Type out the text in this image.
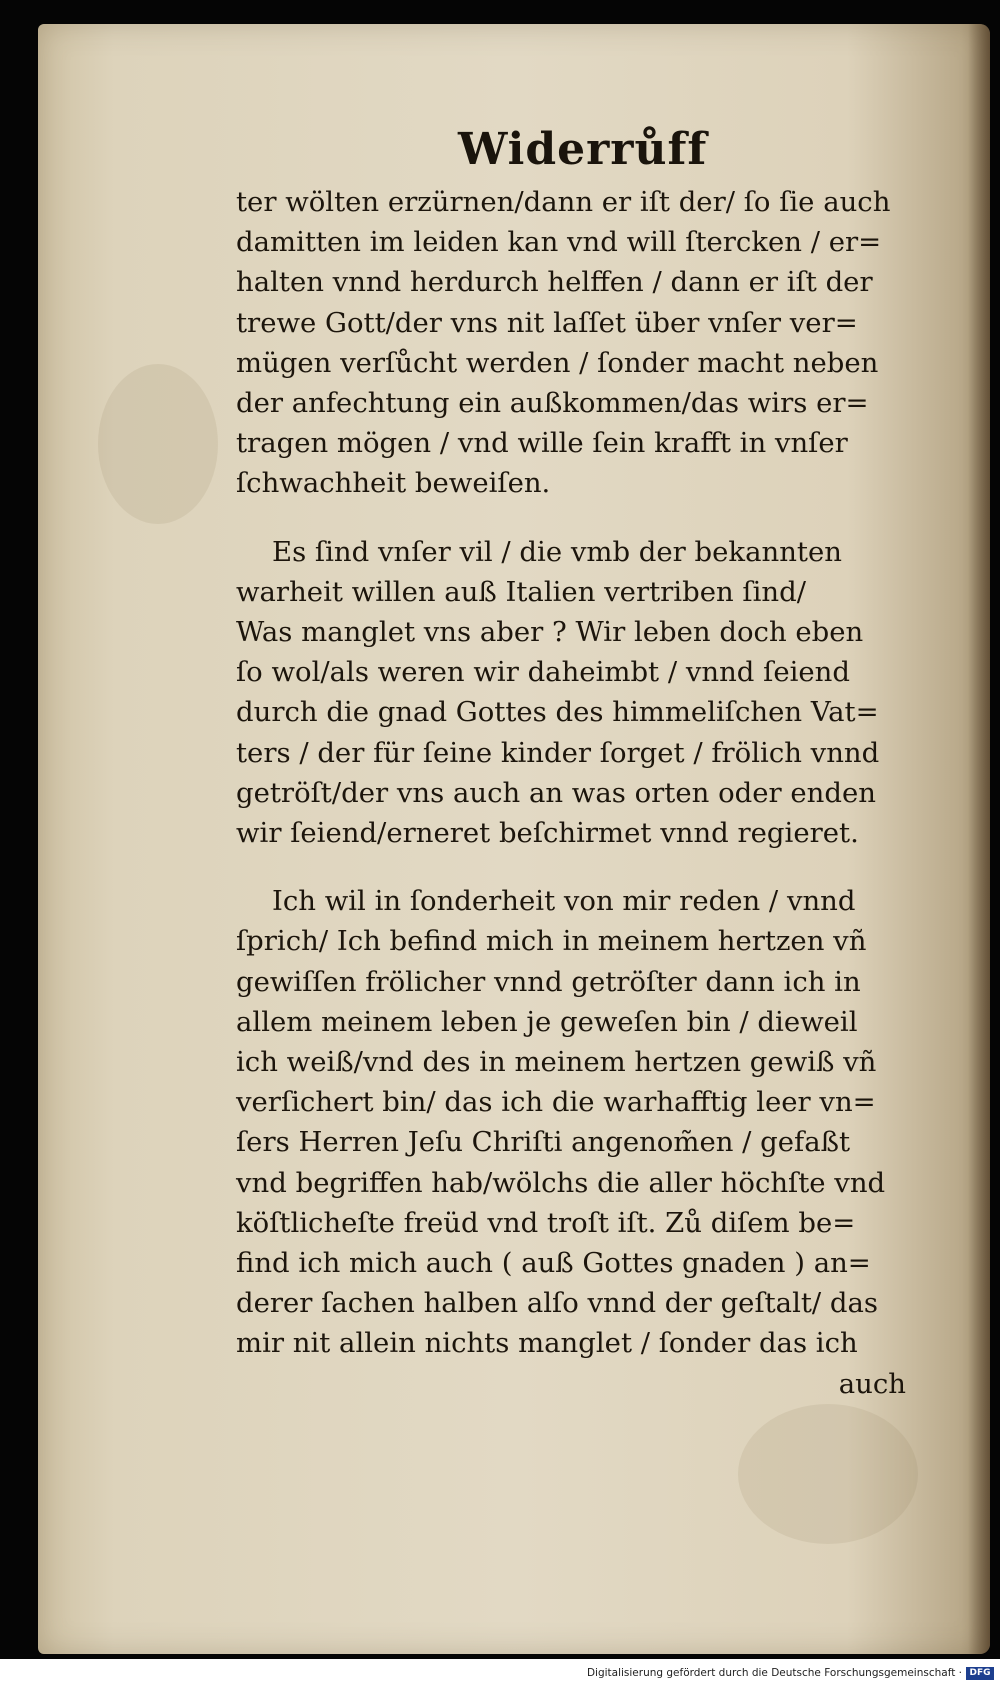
Widerrůff
ter wölten erzürnen/dann er iſt der/ ſo ſie auch
damitten im leiden kan vnd will ſtercken / er=
halten vnnd herdurch helffen / dann er iſt der
trewe Gott/der vns nit laſſet über vnſer ver=
mügen verſůcht werden / ſonder macht neben
der anfechtung ein außkommen/das wirs er=
tragen mögen / vnd wille ſein krafft in vnſer
ſchwachheit beweiſen.
Es ſind vnſer vil / die vmb der bekannten
warheit willen auß Italien vertriben ſind/
Was manglet vns aber ? Wir leben doch eben
ſo wol/als weren wir daheimbt / vnnd ſeiend
durch die gnad Gottes des himmeliſchen Vat=
ters / der für ſeine kinder ſorget / frölich vnnd
getröſt/der vns auch an was orten oder enden
wir ſeiend/erneret beſchirmet vnnd regieret.
Ich wil in ſonderheit von mir reden / vnnd
ſprich/ Ich befind mich in meinem hertzen vñ
gewiſſen frölicher vnnd getröſter dann ich in
allem meinem leben je geweſen bin / dieweil
ich weiß/vnd des in meinem hertzen gewiß vñ
verſichert bin/ das ich die warhafftig leer vn=
ſers Herren Jeſu Chriſti angenom̃en / gefaßt
vnd begriffen hab/wölchs die aller höchſte vnd
köſtlicheſte freüd vnd troſt iſt. Zů diſem be=
find ich mich auch ( auß Gottes gnaden ) an=
derer ſachen halben alſo vnnd der geſtalt/ das
mir nit allein nichts manglet / ſonder das ich
auch
Digitalisierung gefördert durch die Deutsche Forschungsgemeinschaft · DFG
